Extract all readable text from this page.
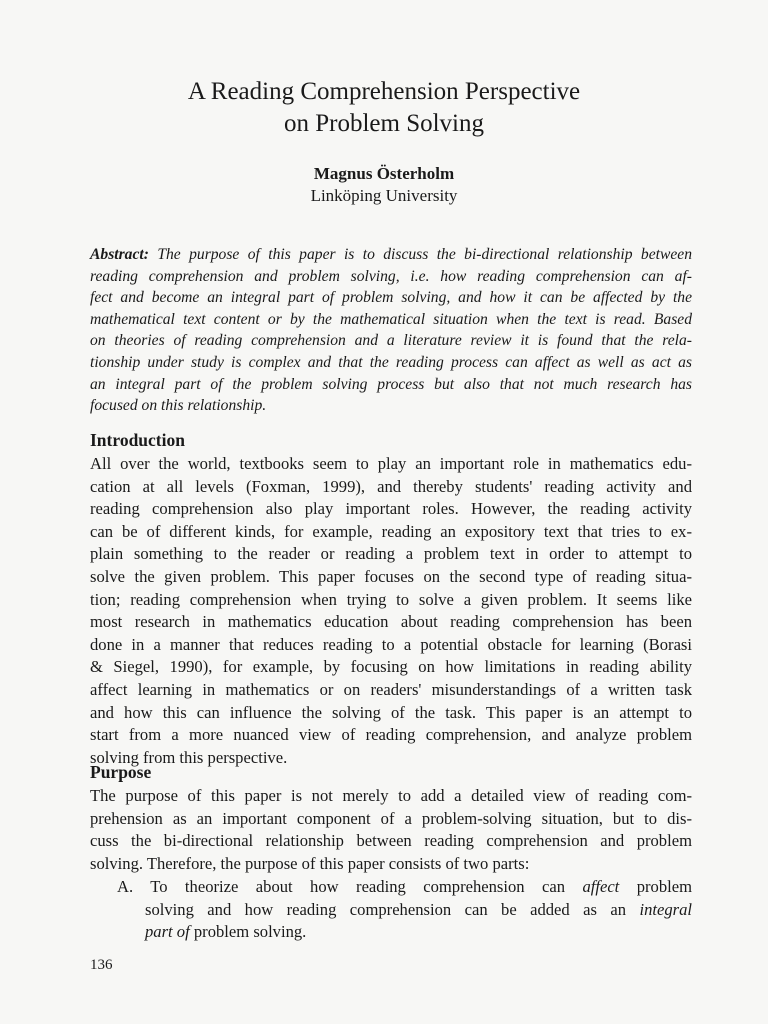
A Reading Comprehension Perspective
on Problem Solving
Magnus Österholm
Linköping University
Abstract: The purpose of this paper is to discuss the bi-directional relationship between
reading comprehension and problem solving, i.e. how reading comprehension can af-
fect and become an integral part of problem solving, and how it can be affected by the
mathematical text content or by the mathematical situation when the text is read. Based
on theories of reading comprehension and a literature review it is found that the rela-
tionship under study is complex and that the reading process can affect as well as act as
an integral part of the problem solving process but also that not much research has
focused on this relationship.
Introduction
All over the world, textbooks seem to play an important role in mathematics edu-
cation at all levels (Foxman, 1999), and thereby students' reading activity and
reading comprehension also play important roles. However, the reading activity
can be of different kinds, for example, reading an expository text that tries to ex-
plain something to the reader or reading a problem text in order to attempt to
solve the given problem. This paper focuses on the second type of reading situa-
tion; reading comprehension when trying to solve a given problem. It seems like
most research in mathematics education about reading comprehension has been
done in a manner that reduces reading to a potential obstacle for learning (Borasi
& Siegel, 1990), for example, by focusing on how limitations in reading ability
affect learning in mathematics or on readers' misunderstandings of a written task
and how this can influence the solving of the task. This paper is an attempt to
start from a more nuanced view of reading comprehension, and analyze problem
solving from this perspective.
Purpose
The purpose of this paper is not merely to add a detailed view of reading com-
prehension as an important component of a problem-solving situation, but to dis-
cuss the bi-directional relationship between reading comprehension and problem
solving. Therefore, the purpose of this paper consists of two parts:
A. To theorize about how reading comprehension can affect problem
solving and how reading comprehension can be added as an integral
part of problem solving.
136
